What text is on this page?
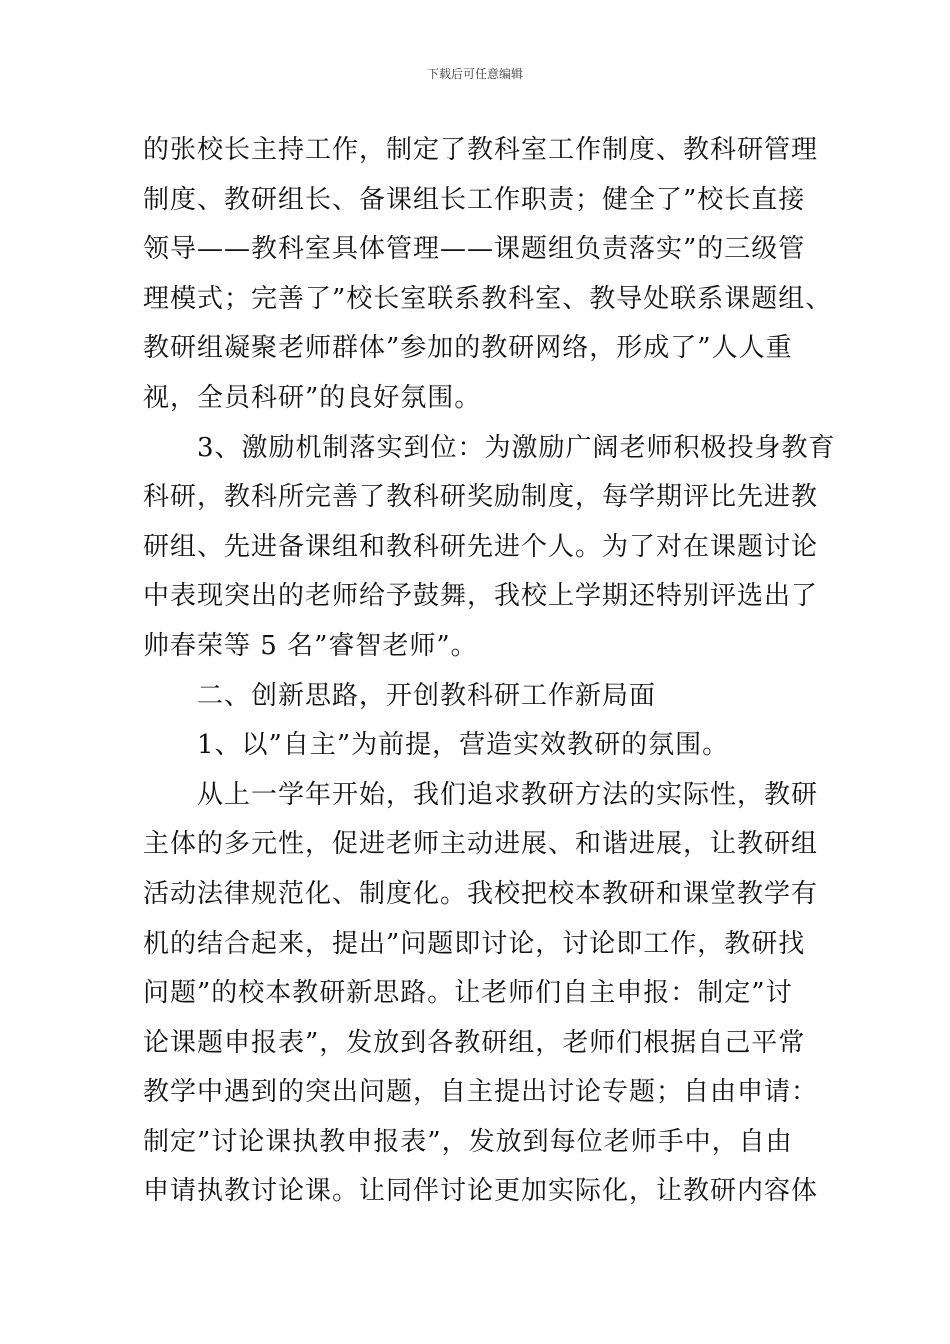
下载后可任意编辑
的张校长主持工作，制定了教科室工作制度、教科研管理
制度、教研组长、备课组长工作职责；健全了”校长直接
领导——教科室具体管理——课题组负责落实”的三级管
理模式；完善了”校长室联系教科室、教导处联系课题组、
教研组凝聚老师群体”参加的教研网络，形成了”人人重
视，全员科研”的良好氛围。
3、激励机制落实到位：为激励广阔老师积极投身教育
科研，教科所完善了教科研奖励制度，每学期评比先进教
研组、先进备课组和教科研先进个人。为了对在课题讨论
中表现突出的老师给予鼓舞，我校上学期还特别评选出了
帅春荣等 5 名”睿智老师”。
二、创新思路，开创教科研工作新局面
1、以”自主”为前提，营造实效教研的氛围。
从上一学年开始，我们追求教研方法的实际性，教研
主体的多元性，促进老师主动进展、和谐进展，让教研组
活动法律规范化、制度化。我校把校本教研和课堂教学有
机的结合起来，提出”问题即讨论，讨论即工作，教研找
问题”的校本教研新思路。让老师们自主申报：制定”讨
论课题申报表”，发放到各教研组，老师们根据自己平常
教学中遇到的突出问题，自主提出讨论专题；自由申请：
制定”讨论课执教申报表”，发放到每位老师手中，自由
申请执教讨论课。让同伴讨论更加实际化，让教研内容体
